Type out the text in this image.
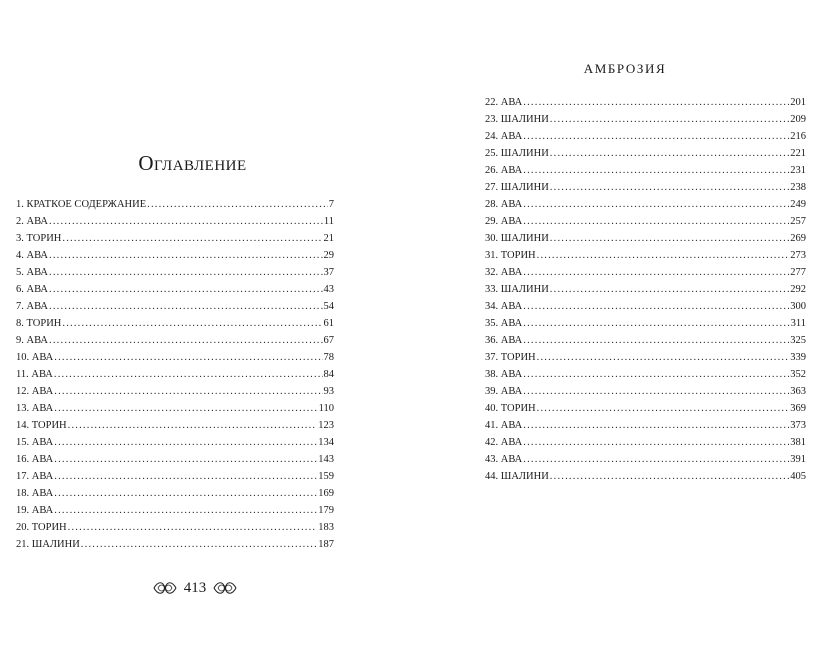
Оглавление
1. КРАТКОЕ СОДЕРЖАНИЕ .....	7
2. АВА .....	11
3. ТОРИН .....	21
4. АВА .....	29
5. АВА .....	37
6. АВА .....	43
7. АВА .....	54
8. ТОРИН .....	61
9. АВА .....	67
10. АВА .....	78
11. АВА .....	84
12. АВА .....	93
13. АВА .....	110
14. ТОРИН .....	123
15. АВА .....	134
16. АВА .....	143
17. АВА .....	159
18. АВА .....	169
19. АВА .....	179
20. ТОРИН .....	183
21. ШАЛИНИ .....	187
413
АМБРОЗИЯ
22. АВА .....	201
23. ШАЛИНИ .....	209
24. АВА .....	216
25. ШАЛИНИ .....	221
26. АВА .....	231
27. ШАЛИНИ .....	238
28. АВА .....	249
29. АВА .....	257
30. ШАЛИНИ .....	269
31. ТОРИН .....	273
32. АВА .....	277
33. ШАЛИНИ .....	292
34. АВА .....	300
35. АВА .....	311
36. АВА .....	325
37. ТОРИН .....	339
38. АВА .....	352
39. АВА .....	363
40. ТОРИН .....	369
41. АВА .....	373
42. АВА .....	381
43. АВА .....	391
44. ШАЛИНИ .....	405
